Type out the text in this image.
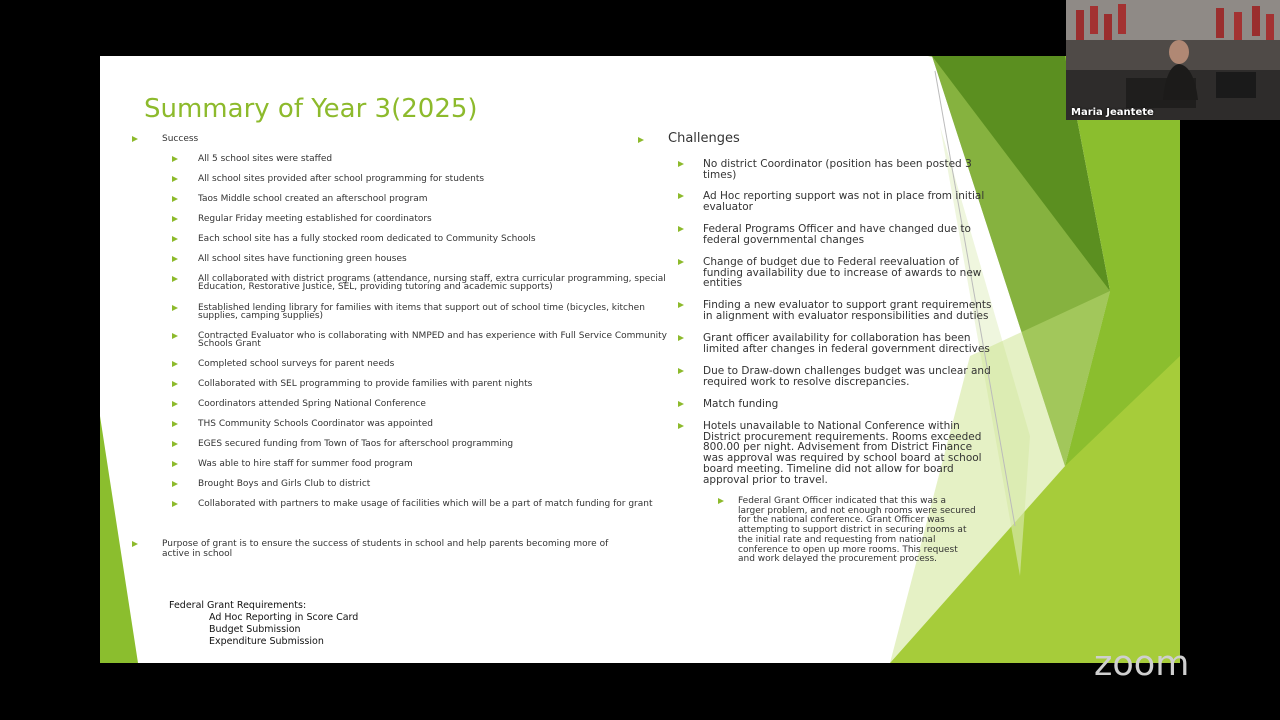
Summary of Year 3(2025)
Success
All 5 school sites were staffed
All school sites provided after school programming for students
Taos Middle school created an afterschool program
Regular Friday meeting established for coordinators
Each school site has a fully stocked room dedicated to Community Schools
All school sites have functioning green houses
All collaborated with district programs (attendance, nursing staff, extra curricular programming, special
Education, Restorative Justice, SEL, providing tutoring and academic supports)
Established lending library for families with items that support out of school time (bicycles, kitchen
supplies, camping supplies)
Contracted Evaluator who is collaborating with NMPED and has experience with Full Service Community
Schools Grant
Completed school surveys for parent needs
Collaborated with SEL programming to provide families with parent nights
Coordinators attended Spring National Conference
THS Community Schools Coordinator was appointed
EGES secured funding from Town of Taos for afterschool programming
Was able to hire staff for summer food program
Brought Boys and Girls Club to district
Collaborated with partners to make usage of facilities which will be a part of match funding for grant
Purpose of grant is to ensure the success of students in school and help parents becoming more of
active in school
Federal Grant Requirements:
Ad Hoc Reporting in Score Card
Budget Submission
Expenditure Submission
Challenges
No district Coordinator (position has been posted 3
times)
Ad Hoc reporting support was not in place from initial
evaluator
Federal Programs Officer and have changed due to
federal governmental changes
Change of budget due to Federal reevaluation of
funding availability due to increase of awards to new
entities
Finding a new evaluator to support grant requirements
in alignment with evaluator responsibilities and duties
Grant officer availability for collaboration has been
limited after changes in federal government directives
Due to Draw-down challenges budget was unclear and
required work to resolve discrepancies.
Match funding
Hotels unavailable to National Conference within
District procurement requirements. Rooms exceeded
800.00 per night. Advisement from District Finance
was approval was required by school board at school
board meeting. Timeline did not allow for board
approval prior to travel.
Federal Grant Officer indicated that this was a
larger problem, and not enough rooms were secured
for the national conference. Grant Officer was
attempting to support district in securing rooms at
the initial rate and requesting from national
conference to open up more rooms. This request
and work delayed the procurement process.
Maria Jeantete
zoom
